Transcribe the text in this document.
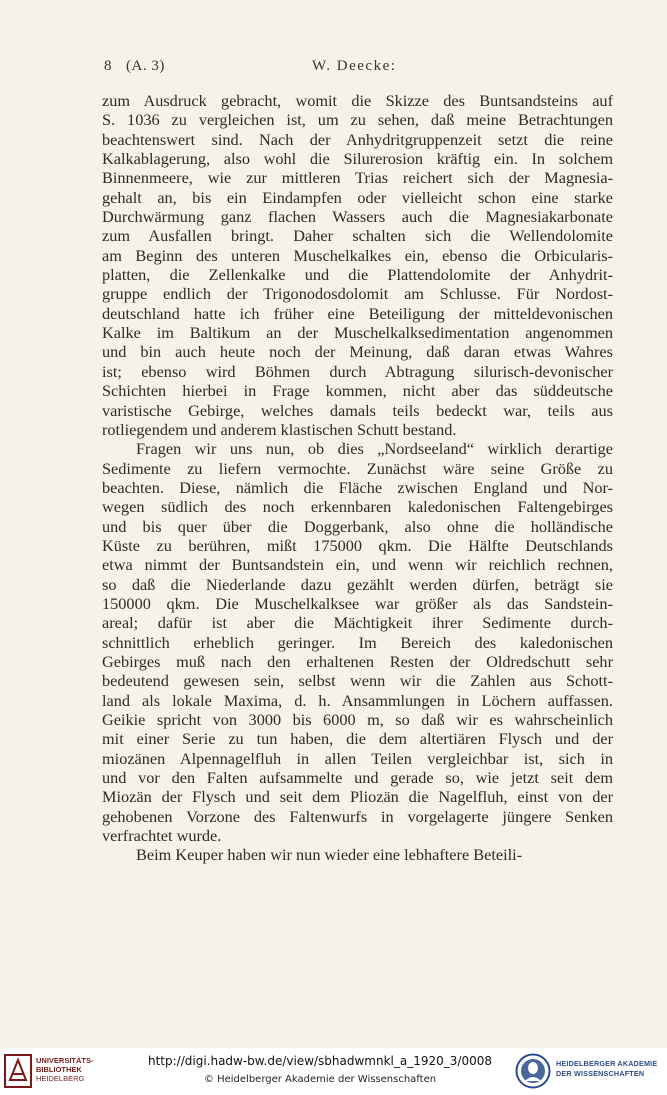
8 (A. 3)	W. Deecke:
zum Ausdruck gebracht, womit die Skizze des Buntsandsteins auf
S. 1036 zu vergleichen ist, um zu sehen, daß meine Betrachtungen
beachtenswert sind. Nach der Anhydritgruppenzeit setzt die reine
Kalkablagerung, also wohl die Silurerosion kräftig ein. In solchem
Binnenmeere, wie zur mittleren Trias reichert sich der Magnesia-
gehalt an, bis ein Eindampfen oder vielleicht schon eine starke
Durchwärmung ganz flachen Wassers auch die Magnesiakarbonate
zum Ausfallen bringt. Daher schalten sich die Wellendolomite
am Beginn des unteren Muschelkalkes ein, ebenso die Orbicularis-
platten, die Zellenkalke und die Plattendolomite der Anhydrit-
gruppe endlich der Trigonodosdolomit am Schlusse. Für Nordost-
deutschland hatte ich früher eine Beteiligung der mitteldevonischen
Kalke im Baltikum an der Muschelkalksedimentation angenommen
und bin auch heute noch der Meinung, daß daran etwas Wahres
ist; ebenso wird Böhmen durch Abtragung silurisch-devonischer
Schichten hierbei in Frage kommen, nicht aber das süddeutsche
varistische Gebirge, welches damals teils bedeckt war, teils aus
rotliegendem und anderem klastischen Schutt bestand.
Fragen wir uns nun, ob dies „Nordseeland“ wirklich derartige
Sedimente zu liefern vermochte. Zunächst wäre seine Größe zu
beachten. Diese, nämlich die Fläche zwischen England und Nor-
wegen südlich des noch erkennbaren kaledonischen Faltengebirges
und bis quer über die Doggerbank, also ohne die holländische
Küste zu berühren, mißt 175000 qkm. Die Hälfte Deutschlands
etwa nimmt der Buntsandstein ein, und wenn wir reichlich rechnen,
so daß die Niederlande dazu gezählt werden dürfen, beträgt sie
150000 qkm. Die Muschelkalksee war größer als das Sandstein-
areal; dafür ist aber die Mächtigkeit ihrer Sedimente durch-
schnittlich erheblich geringer. Im Bereich des kaledonischen
Gebirges muß nach den erhaltenen Resten der Oldredschutt sehr
bedeutend gewesen sein, selbst wenn wir die Zahlen aus Schott-
land als lokale Maxima, d. h. Ansammlungen in Löchern auffassen.
Geikie spricht von 3000 bis 6000 m, so daß wir es wahrscheinlich
mit einer Serie zu tun haben, die dem altertiären Flysch und der
miozänen Alpennagelfluh in allen Teilen vergleichbar ist, sich in
und vor den Falten aufsammelte und gerade so, wie jetzt seit dem
Miozän der Flysch und seit dem Pliozän die Nagelfluh, einst von der
gehobenen Vorzone des Faltenwurfs in vorgelagerte jüngere Senken
verfrachtet wurde.
Beim Keuper haben wir nun wieder eine lebhaftere Beteili-
UNIVERSITÄTS-
BIBLIOTHEK
HEIDELBERG
http://digi.hadw-bw.de/view/sbhadwmnkl_a_1920_3/0008
© Heidelberger Akademie der Wissenschaften
HEIDELBERGER AKADEMIE
DER WISSENSCHAFTEN
